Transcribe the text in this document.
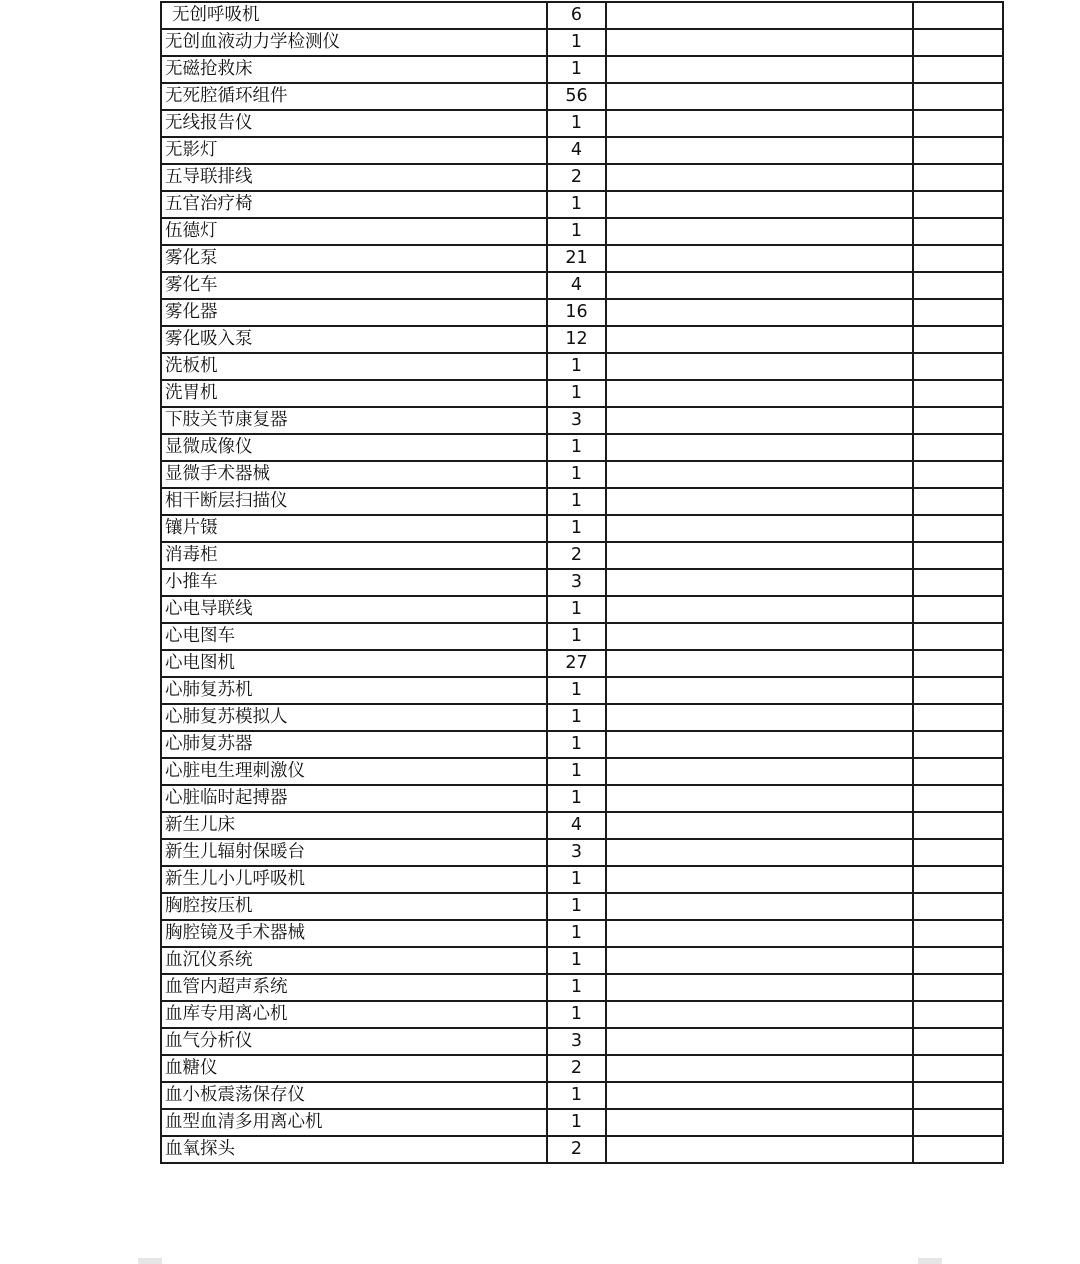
无创呼吸机	6		
无创血液动力学检测仪	1		
无磁抢救床	1		
无死腔循环组件	56		
无线报告仪	1		
无影灯	4		
五导联排线	2		
五官治疗椅	1		
伍德灯	1		
雾化泵	21		
雾化车	4		
雾化器	16		
雾化吸入泵	12		
洗板机	1		
洗胃机	1		
下肢关节康复器	3		
显微成像仪	1		
显微手术器械	1		
相干断层扫描仪	1		
镶片镊	1		
消毒柜	2		
小推车	3		
心电导联线	1		
心电图车	1		
心电图机	27		
心肺复苏机	1		
心肺复苏模拟人	1		
心肺复苏器	1		
心脏电生理刺激仪	1		
心脏临时起搏器	1		
新生儿床	4		
新生儿辐射保暖台	3		
新生儿小儿呼吸机	1		
胸腔按压机	1		
胸腔镜及手术器械	1		
血沉仪系统	1		
血管内超声系统	1		
血库专用离心机	1		
血气分析仪	3		
血糖仪	2		
血小板震荡保存仪	1		
血型血清多用离心机	1		
血氧探头	2		
